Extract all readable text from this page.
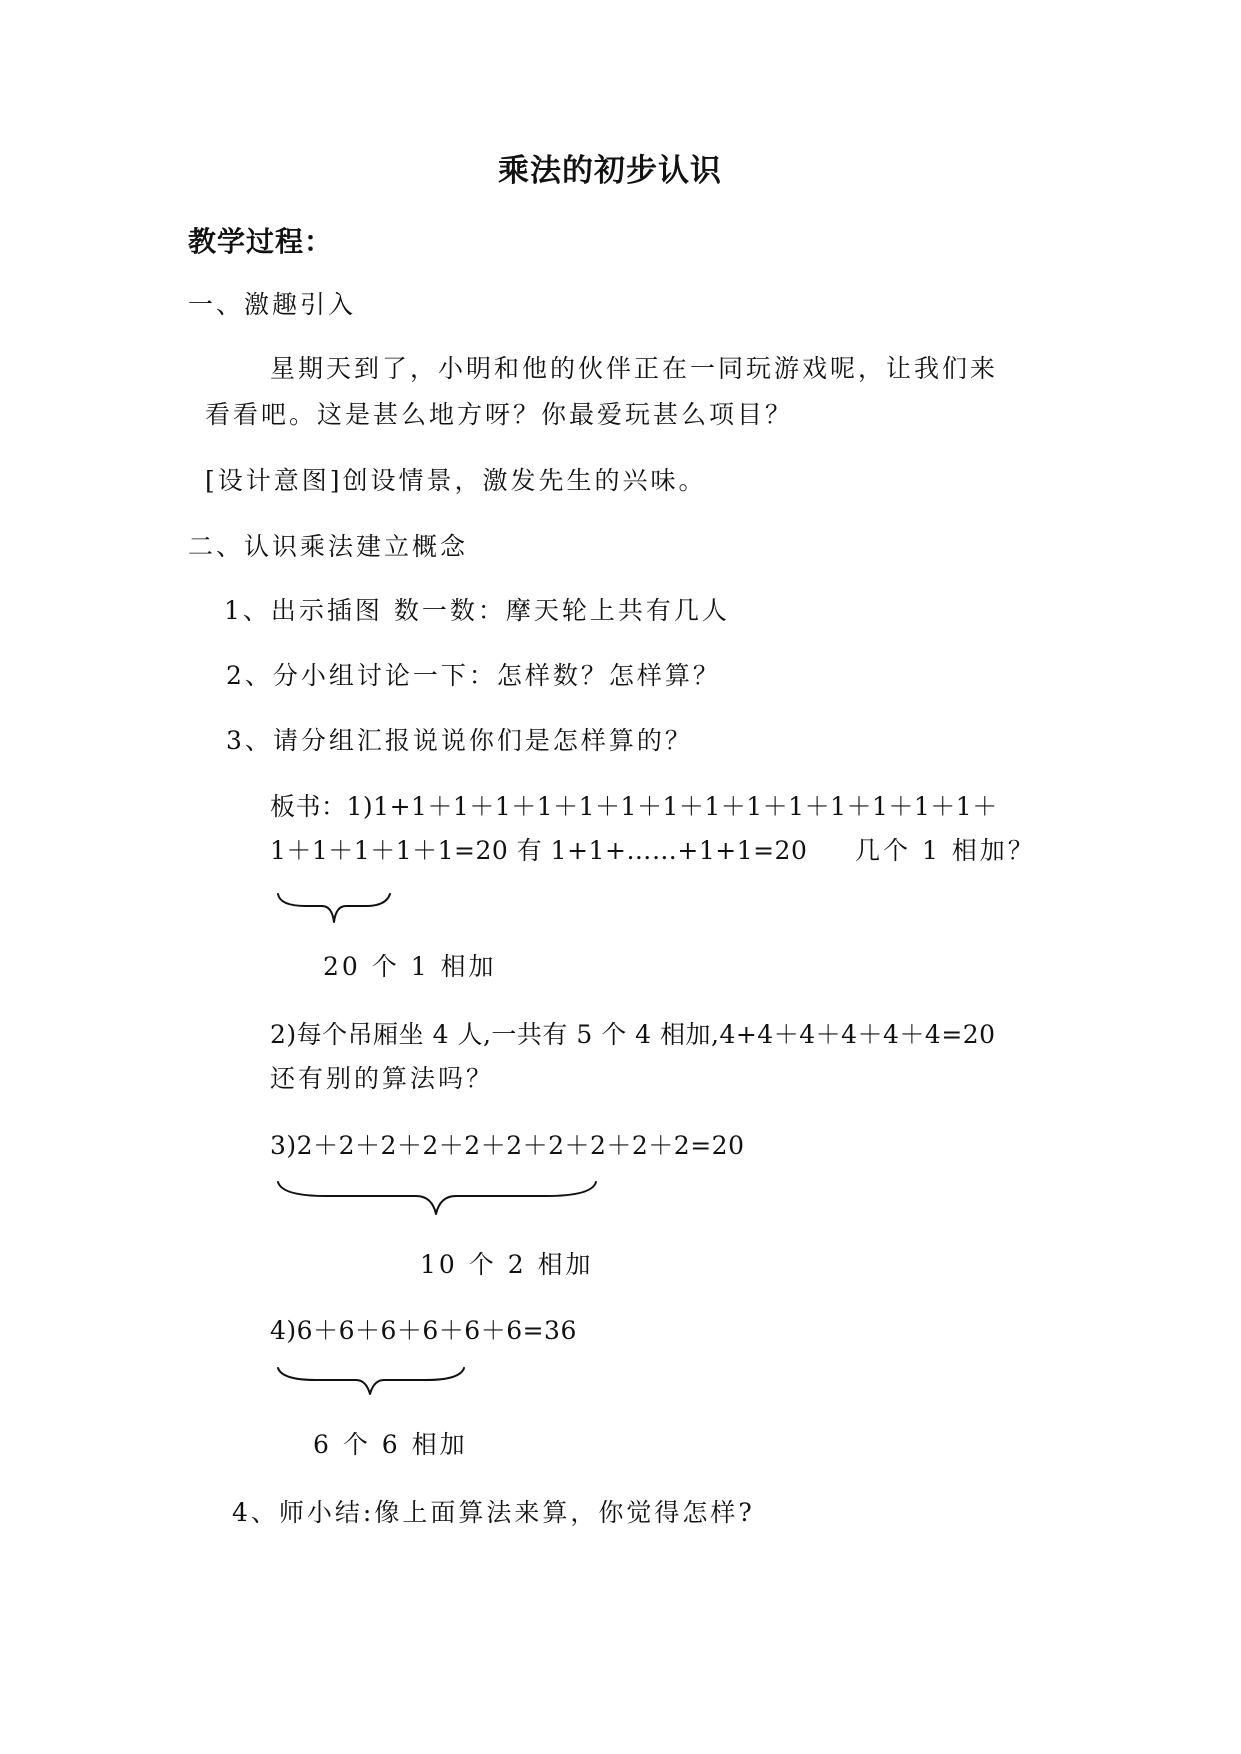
乘法的初步认识
教学过程：
一、激趣引入
星期天到了，小明和他的伙伴正在一同玩游戏呢，让我们来
看看吧。这是甚么地方呀？你最爱玩甚么项目？
[设计意图]创设情景，激发先生的兴味。
二、认识乘法建立概念
1、出示插图 数一数：摩天轮上共有几人
2、分小组讨论一下：怎样数？怎样算？
3、请分组汇报说说你们是怎样算的？
板书：1)1+1＋1＋1＋1＋1＋1＋1＋1＋1＋1＋1＋1＋1＋1＋
1＋1＋1＋1＋1=20 有 1+1+……+1+1=20 几个 1 相加？
20 个 1 相加
2)每个吊厢坐 4 人,一共有 5 个 4 相加,4+4＋4＋4＋4＋4=20
还有别的算法吗？
3)2＋2＋2＋2＋2＋2＋2＋2＋2＋2=20
10 个 2 相加
4)6＋6＋6＋6＋6＋6=36
6 个 6 相加
4、师小结:像上面算法来算，你觉得怎样?
